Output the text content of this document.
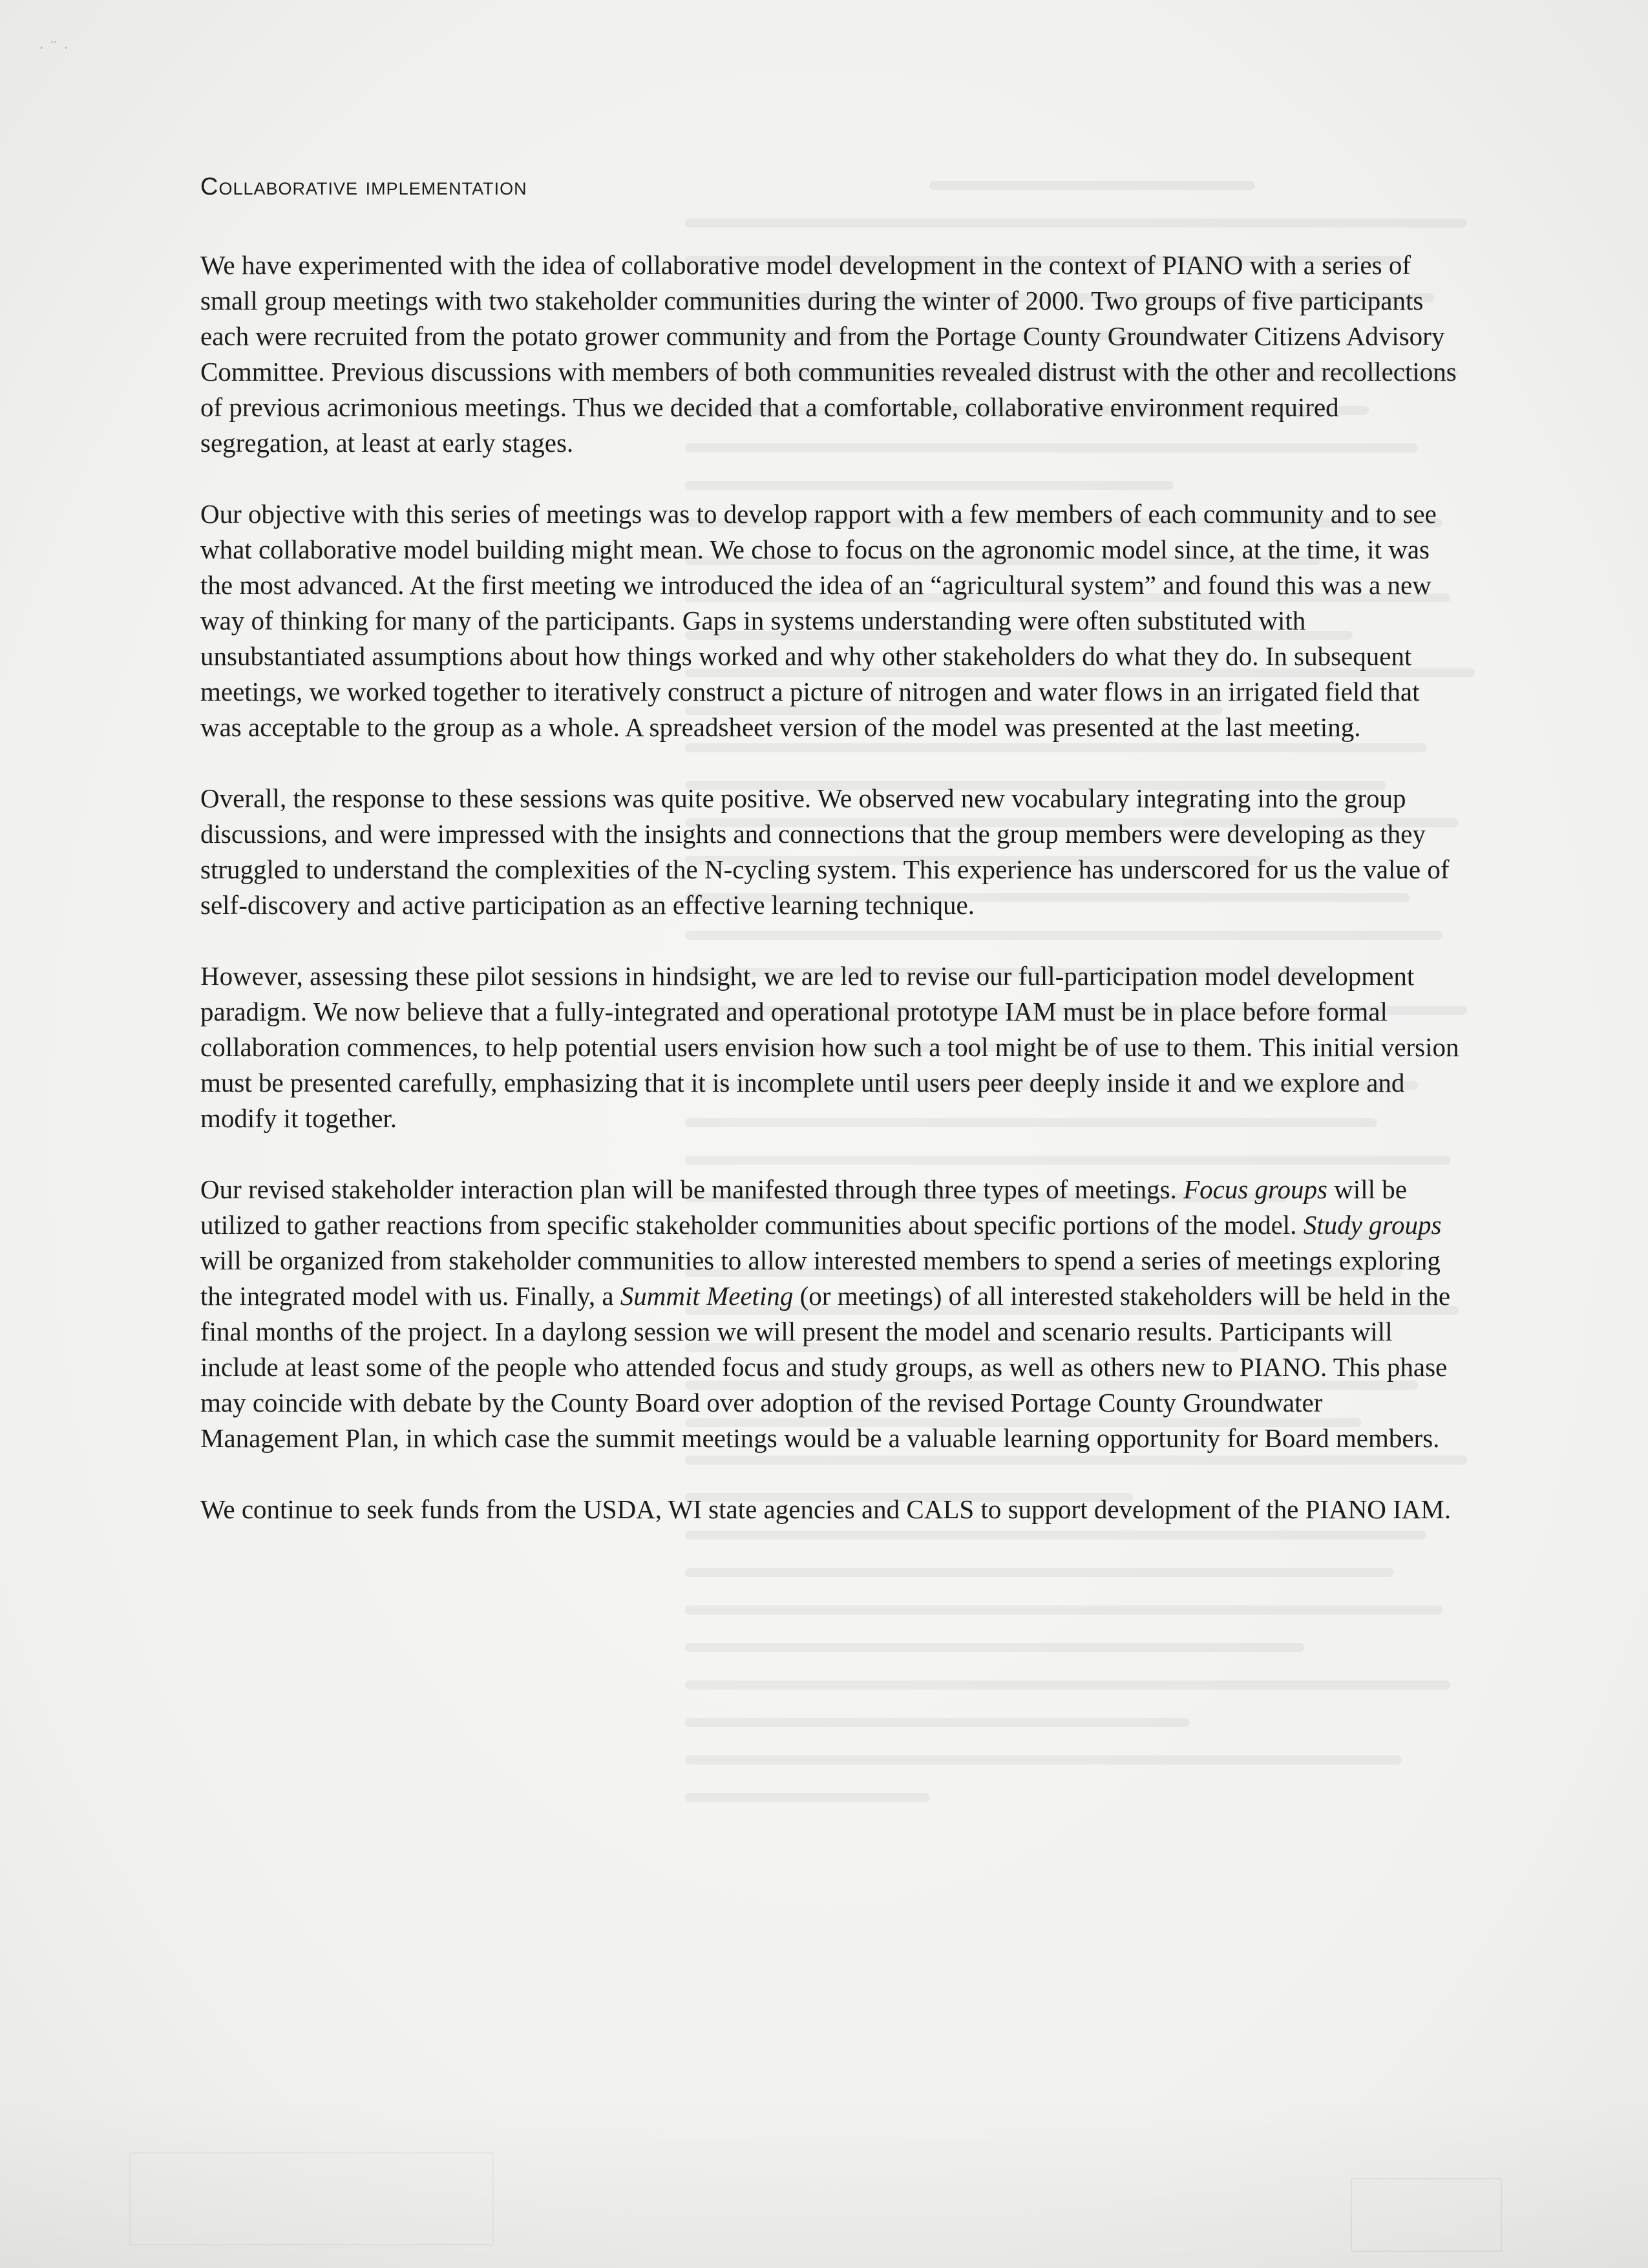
· ¨ ·
Collaborative implementation

We have experimented with the idea of collaborative model development in the context of PIANO with a series of small group meetings with two stakeholder communities during the winter of 2000. Two groups of five participants each were recruited from the potato grower community and from the Portage County Groundwater Citizens Advisory Committee. Previous discussions with members of both communities revealed distrust with the other and recollections of previous acrimonious meetings. Thus we decided that a comfortable, collaborative environment required segregation, at least at early stages.

Our objective with this series of meetings was to develop rapport with a few members of each community and to see what collaborative model building might mean. We chose to focus on the agronomic model since, at the time, it was the most advanced. At the first meeting we introduced the idea of an “agricultural system” and found this was a new way of thinking for many of the participants. Gaps in systems understanding were often substituted with unsubstantiated assumptions about how things worked and why other stakeholders do what they do. In subsequent meetings, we worked together to iteratively construct a picture of nitrogen and water flows in an irrigated field that was acceptable to the group as a whole. A spreadsheet version of the model was presented at the last meeting.

Overall, the response to these sessions was quite positive. We observed new vocabulary integrating into the group discussions, and were impressed with the insights and connections that the group members were developing as they struggled to understand the complexities of the N-cycling system. This experience has underscored for us the value of self-discovery and active participation as an effective learning technique.

However, assessing these pilot sessions in hindsight, we are led to revise our full-participation model development paradigm. We now believe that a fully-integrated and operational prototype IAM must be in place before formal collaboration commences, to help potential users envision how such a tool might be of use to them. This initial version must be presented carefully, emphasizing that it is incomplete until users peer deeply inside it and we explore and modify it together.

Our revised stakeholder interaction plan will be manifested through three types of meetings. Focus groups will be utilized to gather reactions from specific stakeholder communities about specific portions of the model. Study groups will be organized from stakeholder communities to allow interested members to spend a series of meetings exploring the integrated model with us. Finally, a Summit Meeting (or meetings) of all interested stakeholders will be held in the final months of the project. In a daylong session we will present the model and scenario results. Participants will include at least some of the people who attended focus and study groups, as well as others new to PIANO. This phase may coincide with debate by the County Board over adoption of the revised Portage County Groundwater Management Plan, in which case the summit meetings would be a valuable learning opportunity for Board members.

We continue to seek funds from the USDA, WI state agencies and CALS to support development of the PIANO IAM.
